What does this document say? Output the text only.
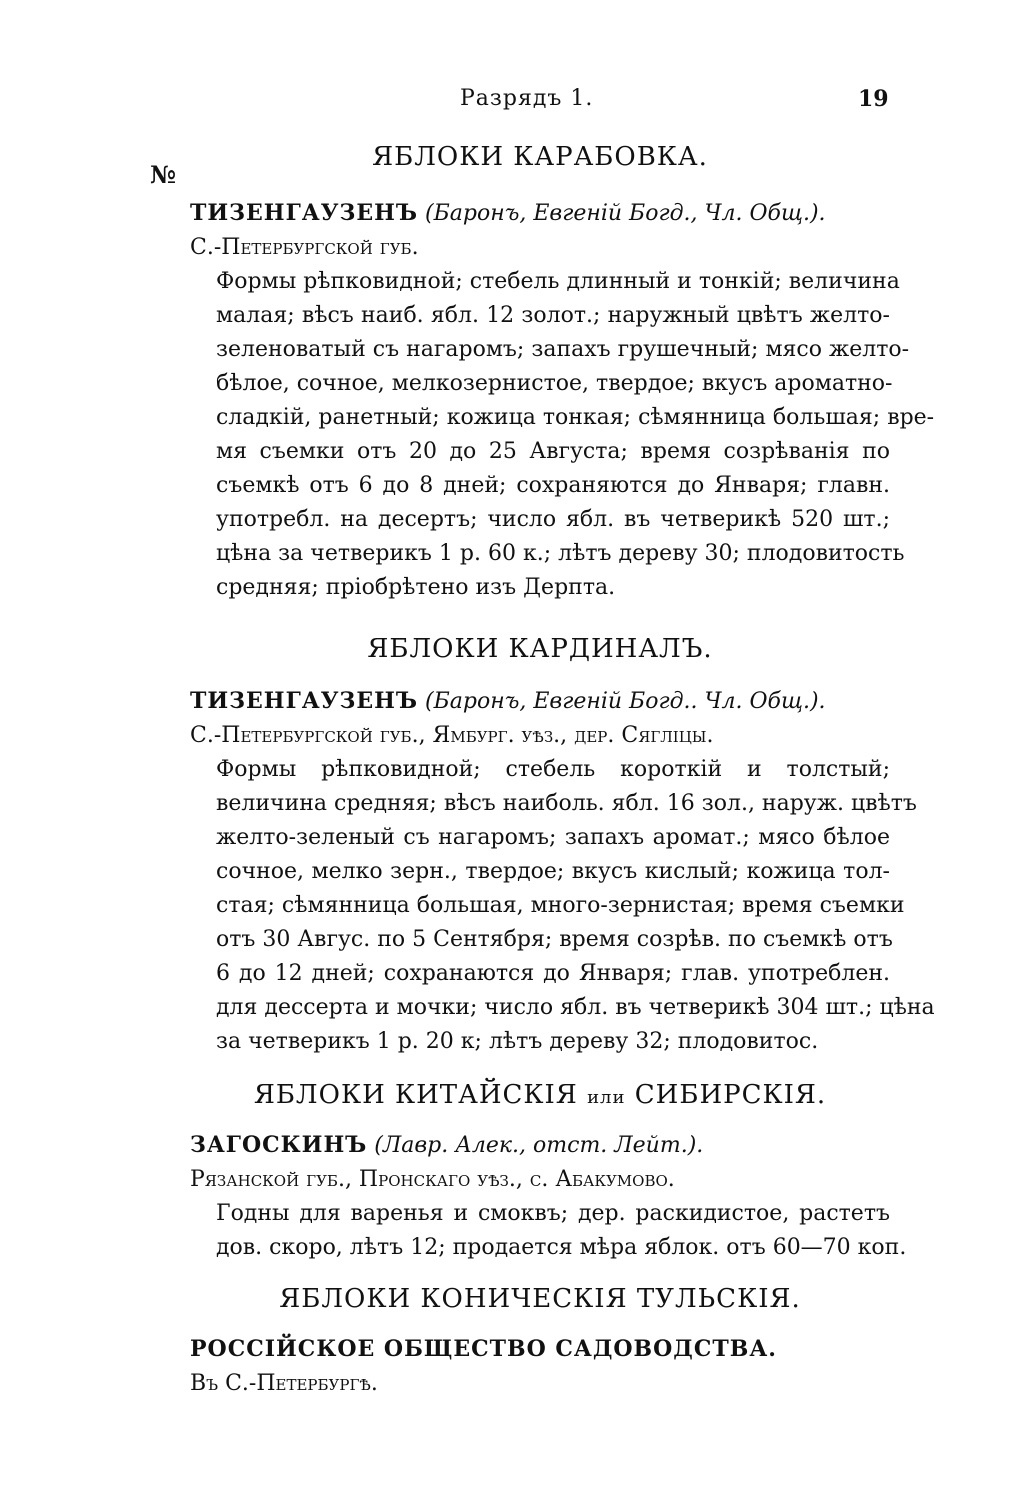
Разрядъ 1.	19
№
ЯБЛОКИ КАРАБОВКА.
ТИЗЕНГАУЗЕНЪ (Баронъ, Евгеній Богд., Чл. Общ.).
С.-Петербургской губ.
Формы рѣпковидной; стебель длинный и тонкій; величина
малая; вѣсъ наиб. ябл. 12 золот.; наружный цвѣтъ желто-
зеленоватый съ нагаромъ; запахъ грушечный; мясо желто-
бѣлое, сочное, мелкозернистое, твердое; вкусъ ароматно-
сладкій, ранетный; кожица тонкая; сѣмянница большая; вре-
мя съемки отъ 20 до 25 Августа; время созрѣванія по
съемкѣ отъ 6 до 8 дней; сохраняются до Января; главн.
употребл. на десертъ; число ябл. въ четверикѣ 520 шт.;
цѣна за четверикъ 1 р. 60 к.; лѣтъ дереву 30; плодовитость
средняя; пріобрѣтено изъ Дерпта.
ЯБЛОКИ КАРДИНАЛЪ.
ТИЗЕНГАУЗЕНЪ (Баронъ, Евгеній Богд.. Чл. Общ.).
С.-Петербургской губ., Ямбург. уѣз., дер. Сягліцы.
Формы рѣпковидной; стебель короткій и толстый;
величина средняя; вѣсъ наиболь. ябл. 16 зол., наруж. цвѣтъ
желто-зеленый съ нагаромъ; запахъ аромат.; мясо бѣлое
сочное, мелко зерн., твердое; вкусъ кислый; кожица тол-
стая; сѣмянница большая, много-зернистая; время съемки
отъ 30 Авгус. по 5 Сентября; время созрѣв. по съемкѣ отъ
6 до 12 дней; сохранаются до Января; глав. употреблен.
для дессерта и мочки; число ябл. въ четверикѣ 304 шт.; цѣна
за четверикъ 1 р. 20 к; лѣтъ дереву 32; плодовитос.
ЯБЛОКИ КИТАЙСКІЯ или СИБИРСКІЯ.
ЗАГОСКИНЪ (Лавр. Алек., отст. Лейт.).
Рязанской губ., Пронскаго уѣз., с. Абакумово.
Годны для варенья и смоквъ; дер. раскидистое, растетъ
дов. скоро, лѣтъ 12; продается мѣра яблок. отъ 60—70 коп.
ЯБЛОКИ КОНИЧЕСКІЯ ТУЛЬСКІЯ.
РОССІЙСКОЕ ОБЩЕСТВО САДОВОДСТВА.
Въ С.-Петербургѣ.
